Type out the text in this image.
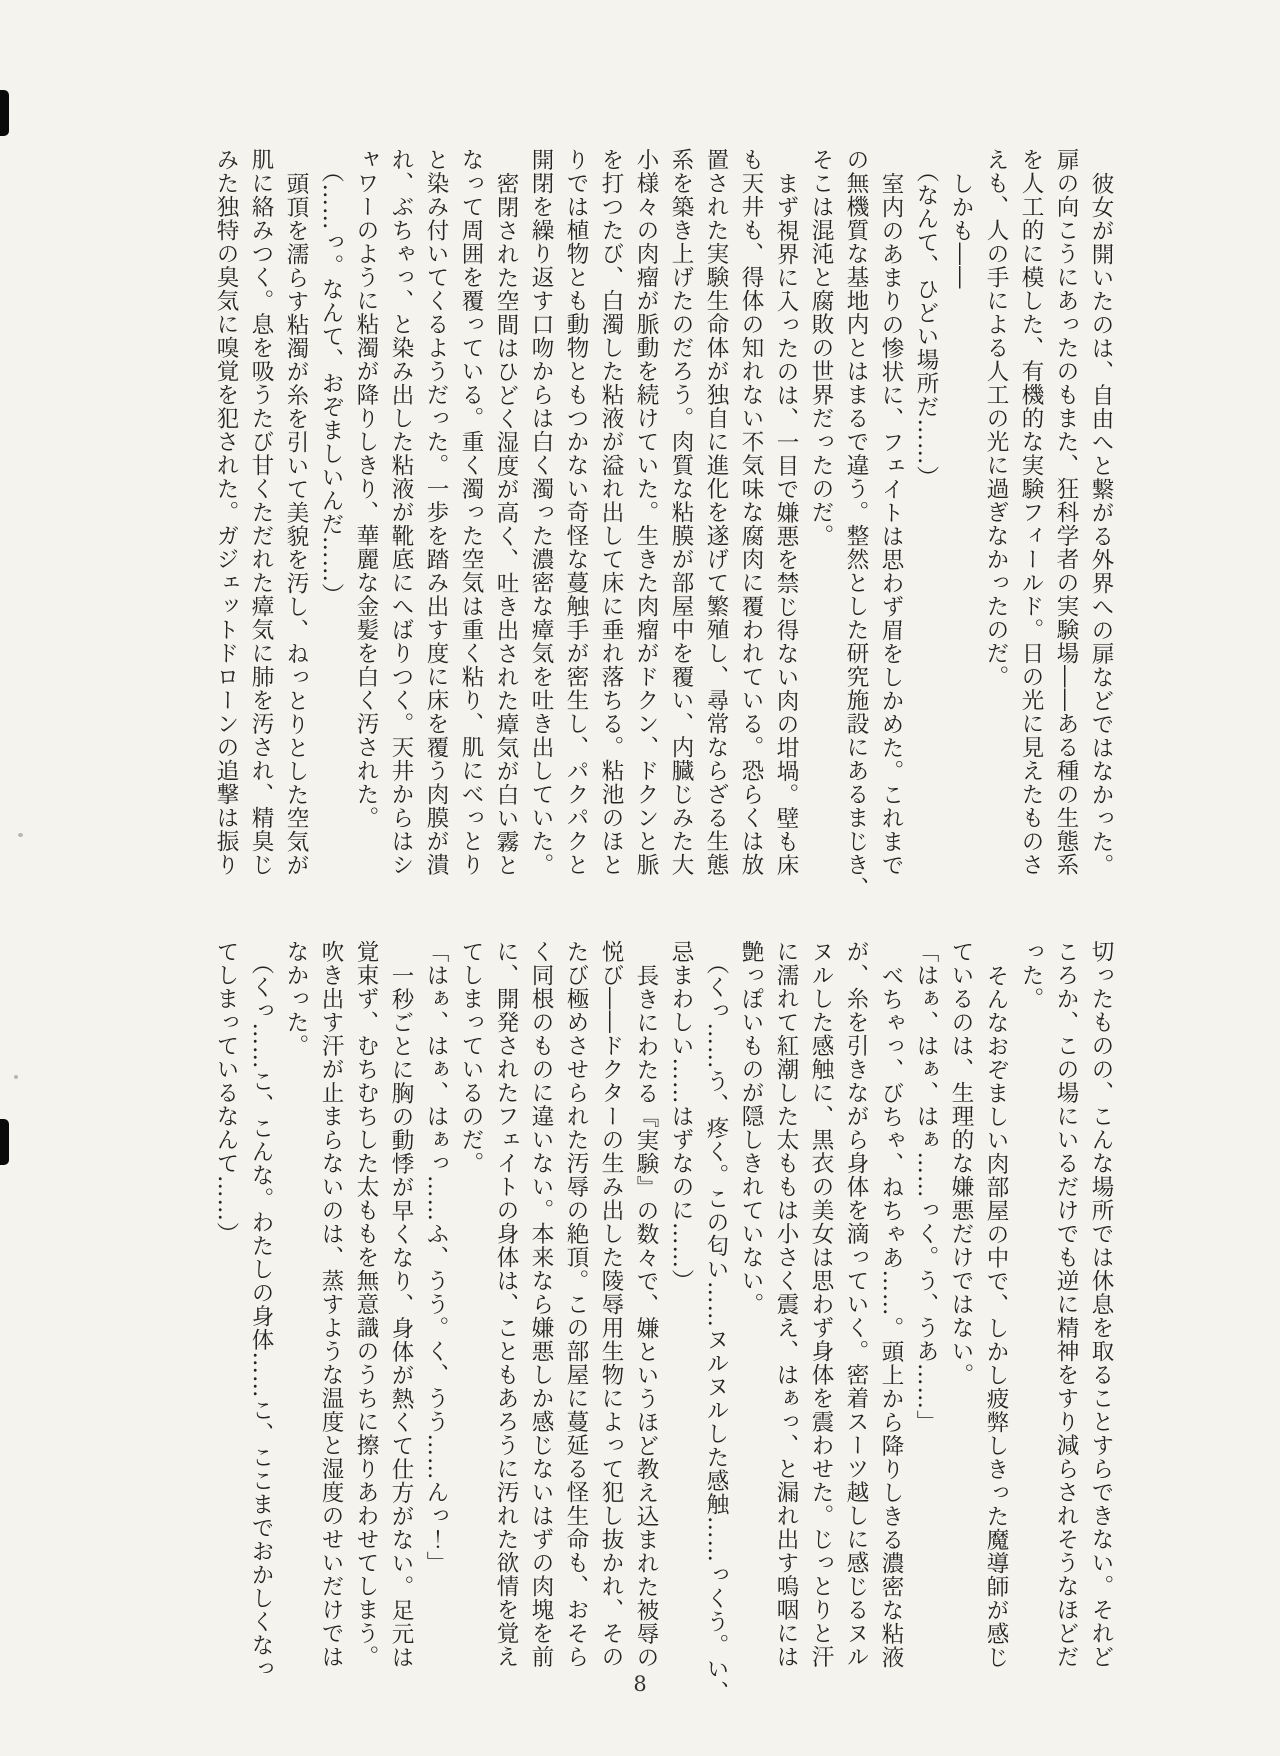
彼女が開いたのは、自由へと繋がる外界への扉などではなかった。
扉の向こうにあったのもまた、狂科学者の実験場――ある種の生態系
を人工的に模した、有機的な実験フィールド。日の光に見えたものさ
えも、人の手による人工の光に過ぎなかったのだ。
しかも――
（なんて、ひどい場所だ……）
室内のあまりの惨状に、フェイトは思わず眉をしかめた。これまで
の無機質な基地内とはまるで違う。整然とした研究施設にあるまじき、
そこは混沌と腐敗の世界だったのだ。
まず視界に入ったのは、一目で嫌悪を禁じ得ない肉の坩堝。壁も床
も天井も、得体の知れない不気味な腐肉に覆われている。恐らくは放
置された実験生命体が独自に進化を遂げて繁殖し、尋常ならざる生態
系を築き上げたのだろう。肉質な粘膜が部屋中を覆い、内臓じみた大
小様々の肉瘤が脈動を続けていた。生きた肉瘤がドクン、ドクンと脈
を打つたび、白濁した粘液が溢れ出して床に垂れ落ちる。粘池のほと
りでは植物とも動物ともつかない奇怪な蔓触手が密生し、パクパクと
開閉を繰り返す口吻からは白く濁った濃密な瘴気を吐き出していた。
密閉された空間はひどく湿度が高く、吐き出された瘴気が白い霧と
なって周囲を覆っている。重く濁った空気は重く粘り、肌にべっとり
と染み付いてくるようだった。一歩を踏み出す度に床を覆う肉膜が潰
れ、ぶちゃっ、と染み出した粘液が靴底にへばりつく。天井からはシ
ャワーのように粘濁が降りしきり、華麗な金髪を白く汚された。
（……っ。なんて、おぞましいんだ……）
頭頂を濡らす粘濁が糸を引いて美貌を汚し、ねっとりとした空気が
肌に絡みつく。息を吸うたび甘くただれた瘴気に肺を汚され、精臭じ
みた独特の臭気に嗅覚を犯された。ガジェットドローンの追撃は振り
切ったものの、こんな場所では休息を取ることすらできない。それど
ころか、この場にいるだけでも逆に精神をすり減らされそうなほどだ
った。
そんなおぞましい肉部屋の中で、しかし疲弊しきった魔導師が感じ
ているのは、生理的な嫌悪だけではない。
「はぁ、はぁ、はぁ……っく。う、うあ……」
べちゃっ、びちゃ、ねちゃあ……。頭上から降りしきる濃密な粘液
が、糸を引きながら身体を滴っていく。密着スーツ越しに感じるヌル
ヌルした感触に、黒衣の美女は思わず身体を震わせた。じっとりと汗
に濡れて紅潮した太ももは小さく震え、はぁっ、と漏れ出す嗚咽には
艶っぽいものが隠しきれていない。
（くっ……う、疼く。この匂い……ヌルヌルした感触……っくう。い、
忌まわしい……はずなのに……）
長きにわたる『実験』の数々で、嫌というほど教え込まれた被辱の
悦び――ドクターの生み出した陵辱用生物によって犯し抜かれ、その
たび極めさせられた汚辱の絶頂。この部屋に蔓延る怪生命も、おそら
く同根のものに違いない。本来なら嫌悪しか感じないはずの肉塊を前
に、開発されたフェイトの身体は、こともあろうに汚れた欲情を覚え
てしまっているのだ。
「はぁ、はぁ、はぁっ……ふ、うう。く、うう……んっ！」
一秒ごとに胸の動悸が早くなり、身体が熱くて仕方がない。足元は
覚束ず、むちむちした太ももを無意識のうちに擦りあわせてしまう。
吹き出す汗が止まらないのは、蒸すような温度と湿度のせいだけでは
なかった。
（くっ……こ、こんな。わたしの身体……こ、ここまでおかしくなっ
てしまっているなんて……）
8
